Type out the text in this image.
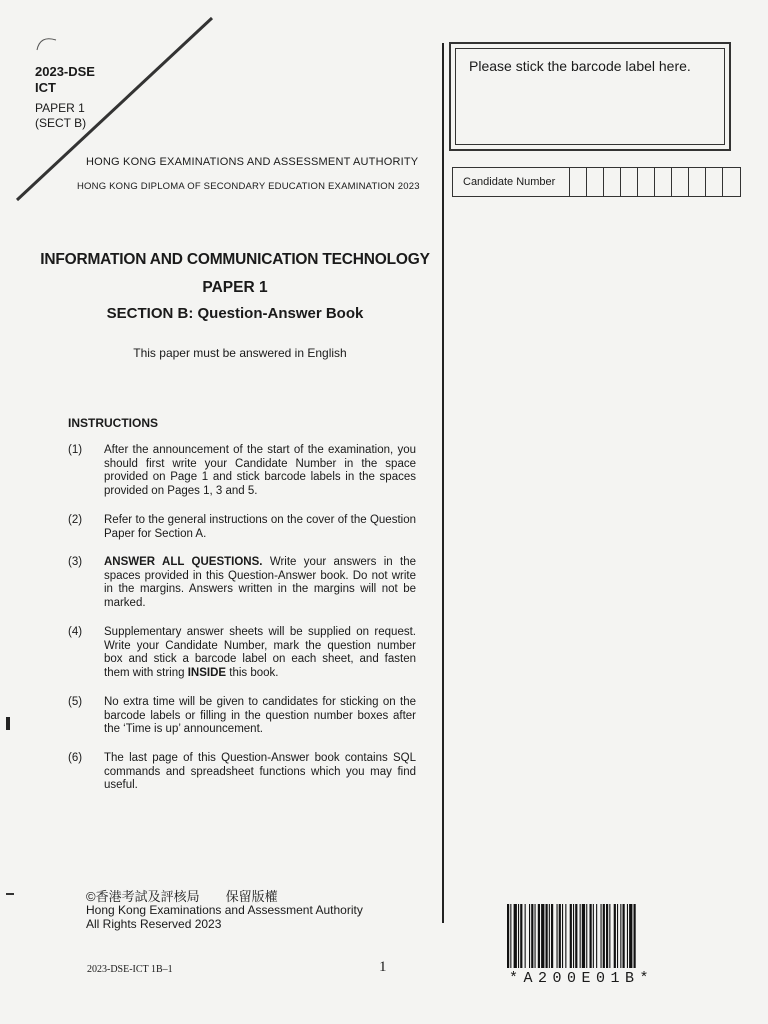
2023-DSE
ICT
PAPER 1
(SECT B)
HONG KONG EXAMINATIONS AND ASSESSMENT AUTHORITY
HONG KONG DIPLOMA OF SECONDARY EDUCATION EXAMINATION 2023
Please stick the barcode label here.
Candidate Number
INFORMATION AND COMMUNICATION TECHNOLOGY
PAPER 1
SECTION B: Question-Answer Book
This paper must be answered in English
INSTRUCTIONS
(1) After the announcement of the start of the examination, you should first write your Candidate Number in the space provided on Page 1 and stick barcode labels in the spaces provided on Pages 1, 3 and 5.
(2) Refer to the general instructions on the cover of the Question Paper for Section A.
(3) ANSWER ALL QUESTIONS. Write your answers in the spaces provided in this Question-Answer book. Do not write in the margins. Answers written in the margins will not be marked.
(4) Supplementary answer sheets will be supplied on request. Write your Candidate Number, mark the question number box and stick a barcode label on each sheet, and fasten them with string INSIDE this book.
(5) No extra time will be given to candidates for sticking on the barcode labels or filling in the question number boxes after the ‘Time is up’ announcement.
(6) The last page of this Question-Answer book contains SQL commands and spreadsheet functions which you may find useful.
©香港考試及評核局　　保留版權
Hong Kong Examinations and Assessment Authority
All Rights Reserved 2023
2023-DSE-ICT 1B–1	1
*A200E01B*
